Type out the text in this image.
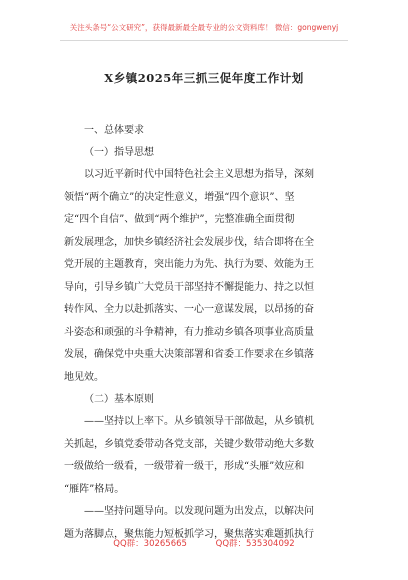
关注头条号“公文研究”，获得最新最全最专业的公文资料库！ 微信：gongwenyj
X乡镇2025年三抓三促年度工作计划
一、总体要求
（一）指导思想
以习近平新时代中国特色社会主义思想为指导，深刻
领悟“两个确立”的决定性意义，增强“四个意识”、坚
定“四个自信”、做到“两个维护”，完整准确全面贯彻
新发展理念，加快乡镇经济社会发展步伐，结合即将在全
党开展的主题教育，突出能力为先、执行为要、效能为王
导向，引导乡镇广大党员干部坚持不懈提能力、持之以恒
转作风、全力以赴抓落实、一心一意谋发展，以昂扬的奋
斗姿态和顽强的斗争精神，有力推动乡镇各项事业高质量
发展，确保党中央重大决策部署和省委工作要求在乡镇落
地见效。
（二）基本原则
——坚持以上率下。从乡镇领导干部做起，从乡镇机
关抓起，乡镇党委带动各党支部，关键少数带动绝大多数
一级做给一级看，一级带着一级干，形成“头雁”效应和
“雁阵”格局。
——坚持问题导向。以发现问题为出发点，以解决问
题为落脚点，聚焦能力短板抓学习，聚焦落实难题抓执行
QQ群：30265665	QQ群：535304092
